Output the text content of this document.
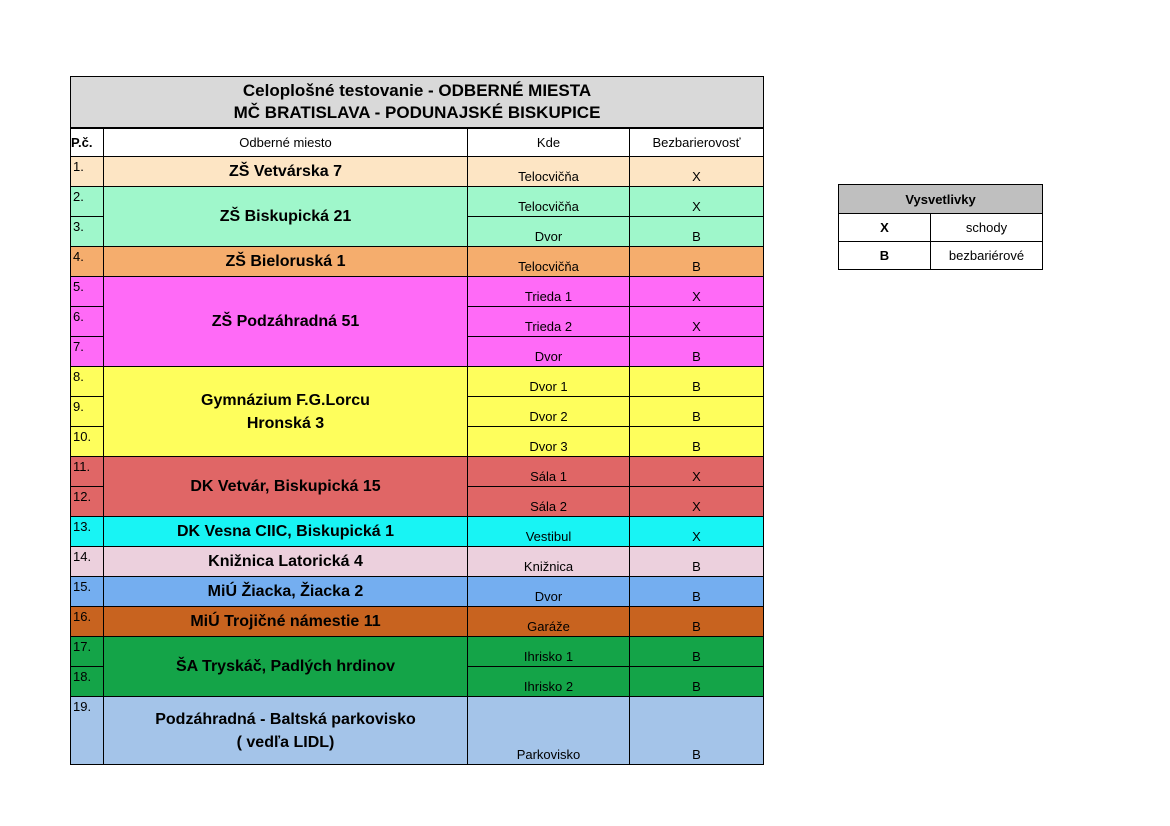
Celoplošné testovanie - ODBERNÉ MIESTA
MČ BRATISLAVA - PODUNAJSKÉ BISKUPICE			

P.č.	Odberné miesto	Kde	Bezbarierovosť
1.	ZŠ Vetvárska 7	Telocvičňa	X
2.	ZŠ Biskupická 21	Telocvičňa	X
3.		Dvor	B
4.	ZŠ Bieloruská 1	Telocvičňa	B
5.	ZŠ Podzáhradná 51	Trieda 1	X
6.		Trieda 2	X
7.		Dvor	B
8.	Gymnázium F.G.Lorcu
Hronská 3	Dvor 1	B
9.		Dvor 2	B
10.		Dvor 3	B
11.	DK Vetvár, Biskupická 15	Sála 1	X
12.		Sála 2	X
13.	DK Vesna CIIC, Biskupická 1	Vestibul	X
14.	Knižnica Latorická 4	Knižnica	B
15.	MiÚ Žiacka, Žiacka 2	Dvor	B
16.	MiÚ Trojičné námestie 11	Garáže	B
17.	ŠA Tryskáč, Padlých hrdinov	Ihrisko 1	B
18.		Ihrisko 2	B
19.	Podzáhradná - Baltská parkovisko
( vedľa LIDL)	Parkovisko	B
Vysvetlivky	
X	schody
B	bezbariérové
